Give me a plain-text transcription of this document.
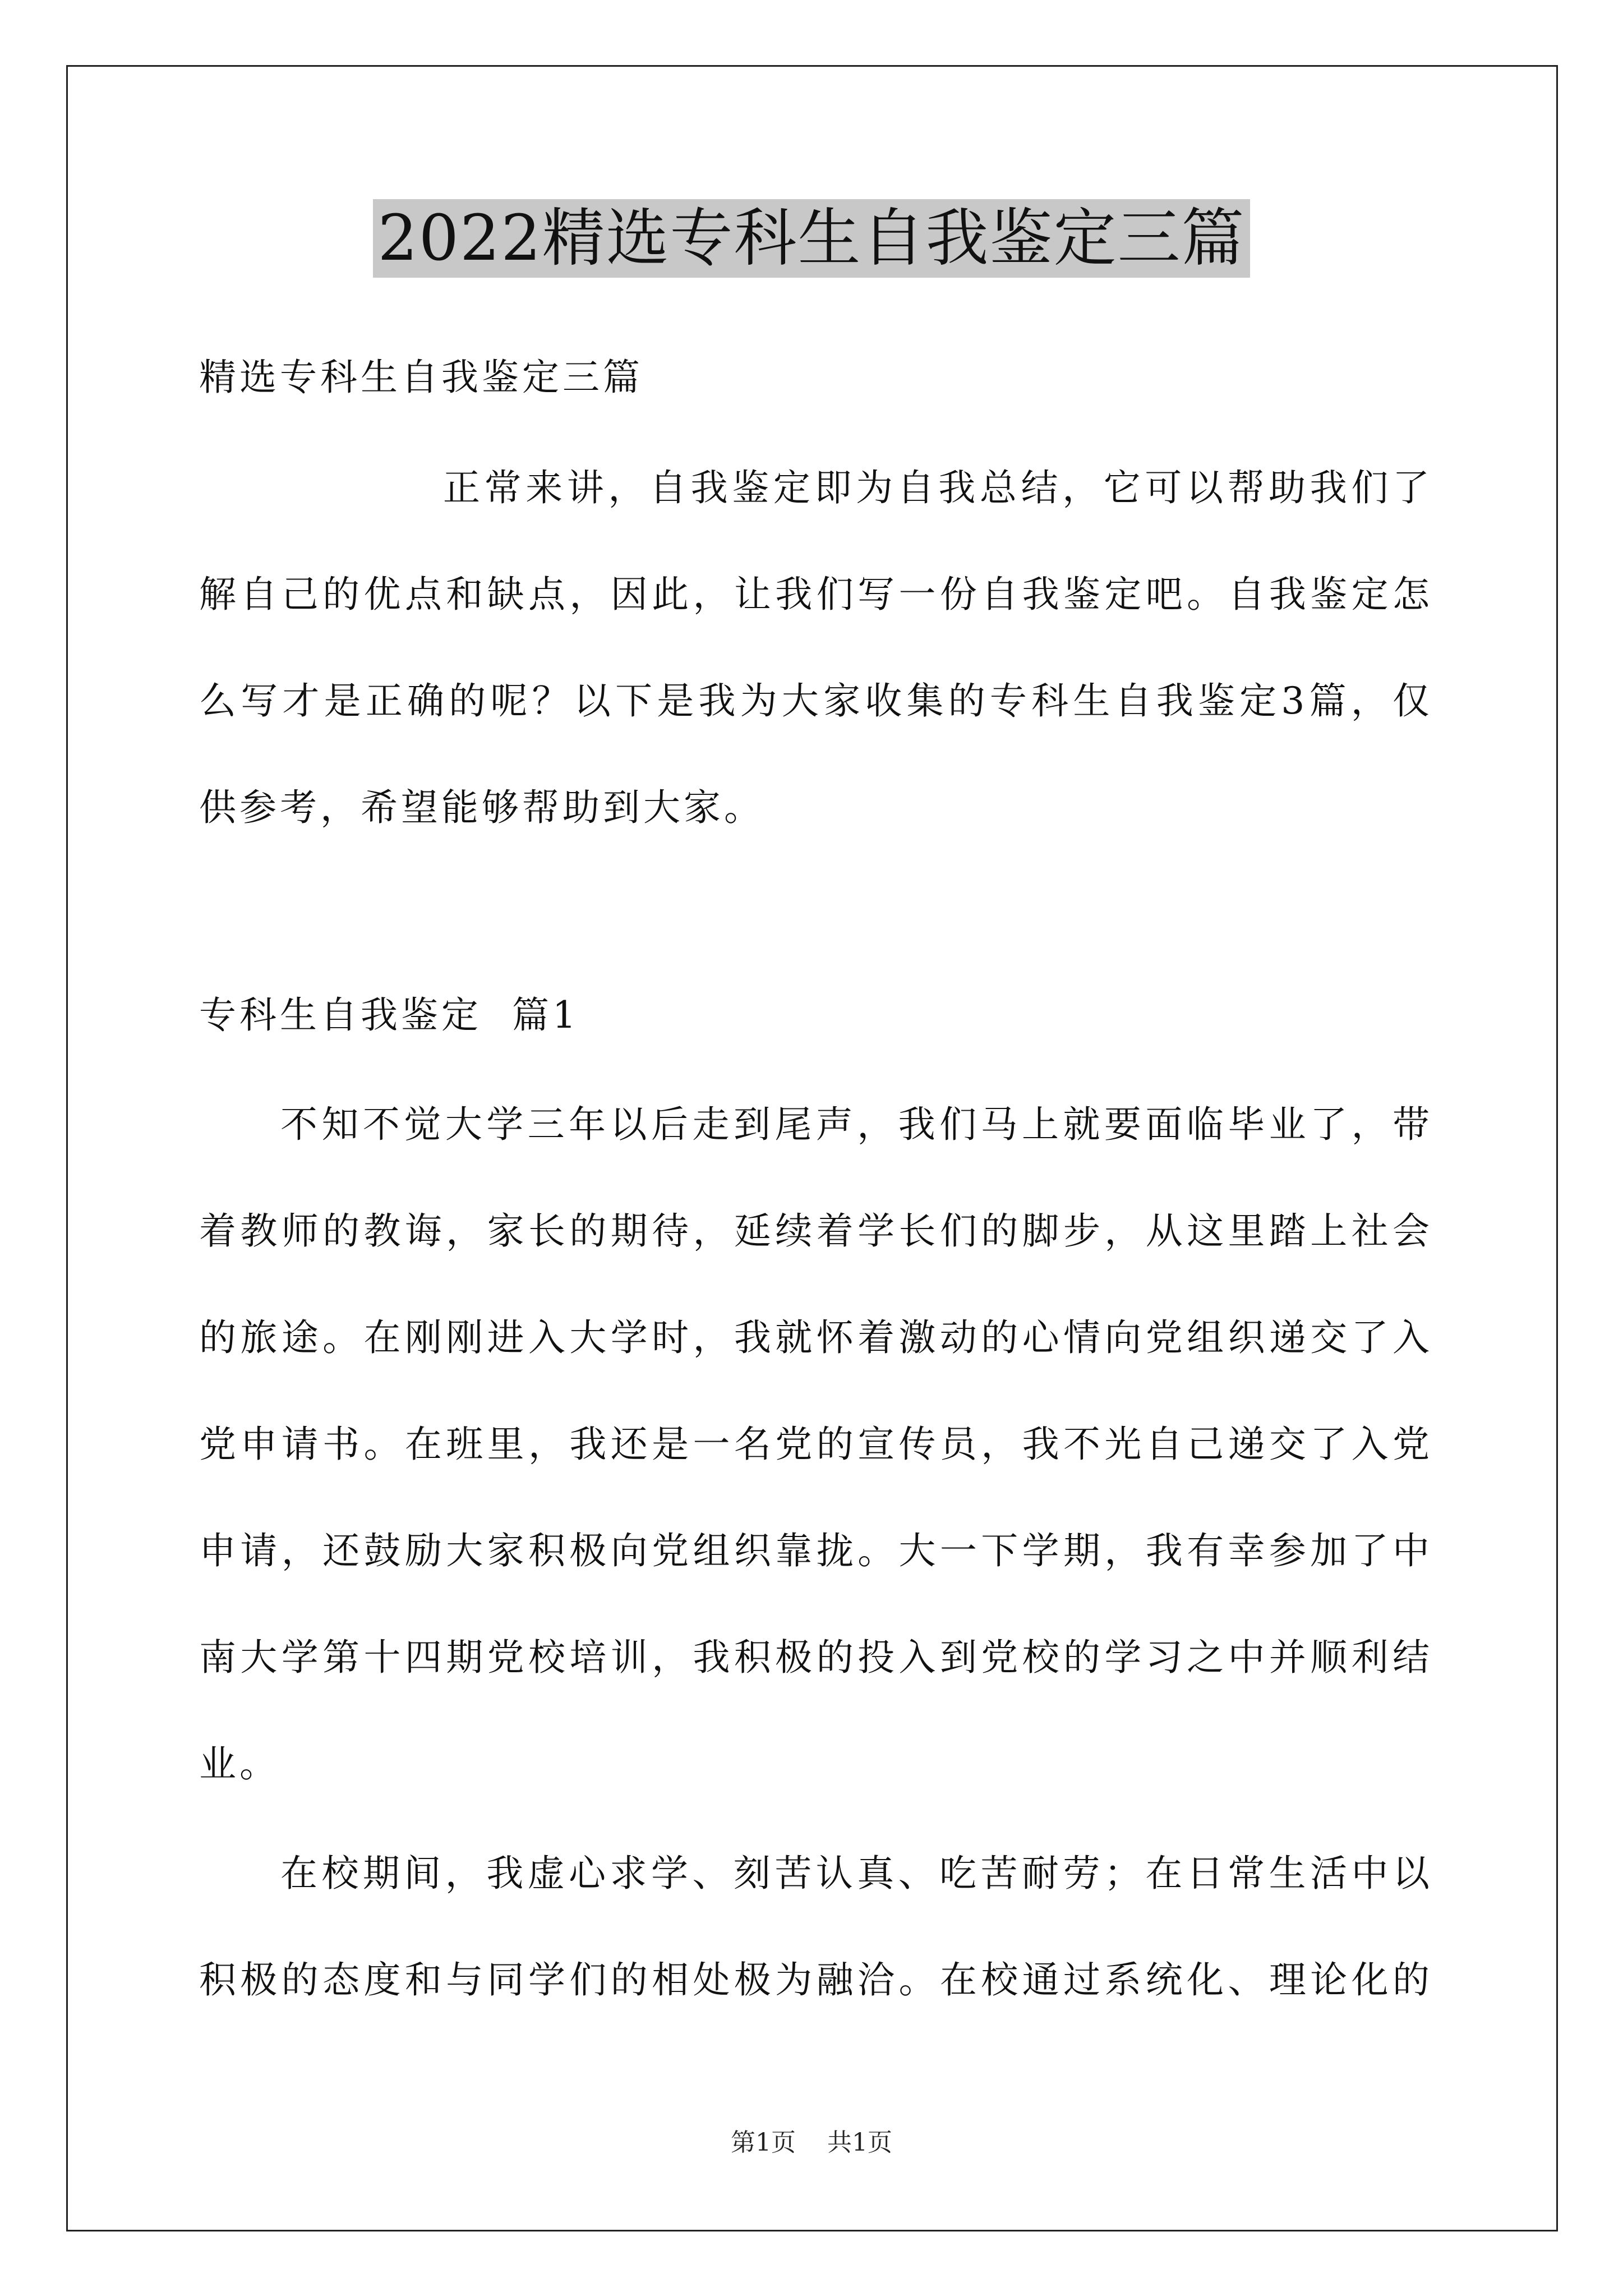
2022精选专科生自我鉴定三篇
精选专科生自我鉴定三篇
正常来讲，自我鉴定即为自我总结，它可以帮助我们了
解自己的优点和缺点，因此，让我们写一份自我鉴定吧。自我鉴定怎
么写才是正确的呢？以下是我为大家收集的专科生自我鉴定3篇，仅
供参考，希望能够帮助到大家。
专科生自我鉴定  篇1
不知不觉大学三年以后走到尾声，我们马上就要面临毕业了，带
着教师的教诲，家长的期待，延续着学长们的脚步，从这里踏上社会
的旅途。在刚刚进入大学时，我就怀着激动的心情向党组织递交了入
党申请书。在班里，我还是一名党的宣传员，我不光自己递交了入党
申请，还鼓励大家积极向党组织靠拢。大一下学期，我有幸参加了中
南大学第十四期党校培训，我积极的投入到党校的学习之中并顺利结
业。
在校期间，我虚心求学、刻苦认真、吃苦耐劳；在日常生活中以
积极的态度和与同学们的相处极为融洽。在校通过系统化、理论化的
第1页    共1页
